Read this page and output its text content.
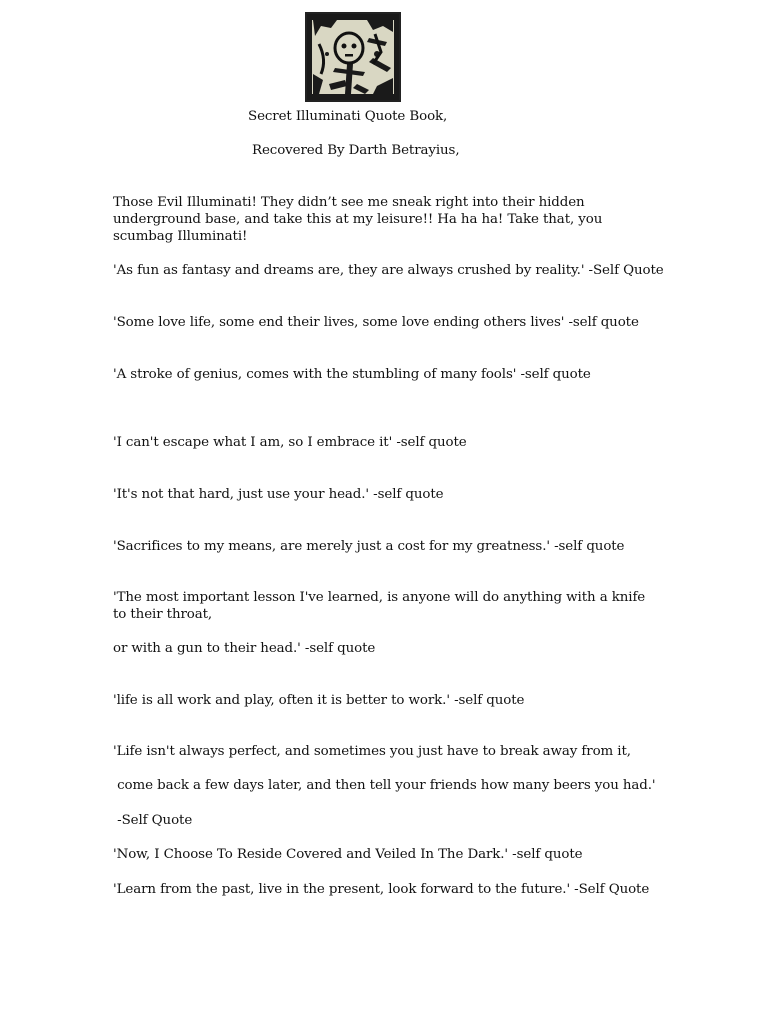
Secret Illuminati Quote Book,
Recovered By Darth Betrayius,
Those Evil Illuminati! They didn’t see me sneak right into their hidden underground base, and take this at my leisure!! Ha ha ha! Take that, you scumbag Illuminati!
'As fun as fantasy and dreams are, they are always crushed by reality.' -Self Quote
'Some love life, some end their lives, some love ending others lives' -self quote
'A stroke of genius, comes with the stumbling of many fools' -self quote
'I can't escape what I am, so I embrace it' -self quote
'It's not that hard, just use your head.' -self quote
'Sacrifices to my means, are merely just a cost for my greatness.' -self quote
'The most important lesson I've learned, is anyone will do anything with a knife to their throat,
or with a gun to their head.' -self quote
'life is all work and play, often it is better to work.' -self quote
'Life isn't always perfect, and sometimes you just have to break away from it,
come back a few days later, and then tell your friends how many beers you had.'
-Self Quote
'Now, I Choose To Reside Covered and Veiled In The Dark.' -self quote
'Learn from the past, live in the present, look forward to the future.' -Self Quote
